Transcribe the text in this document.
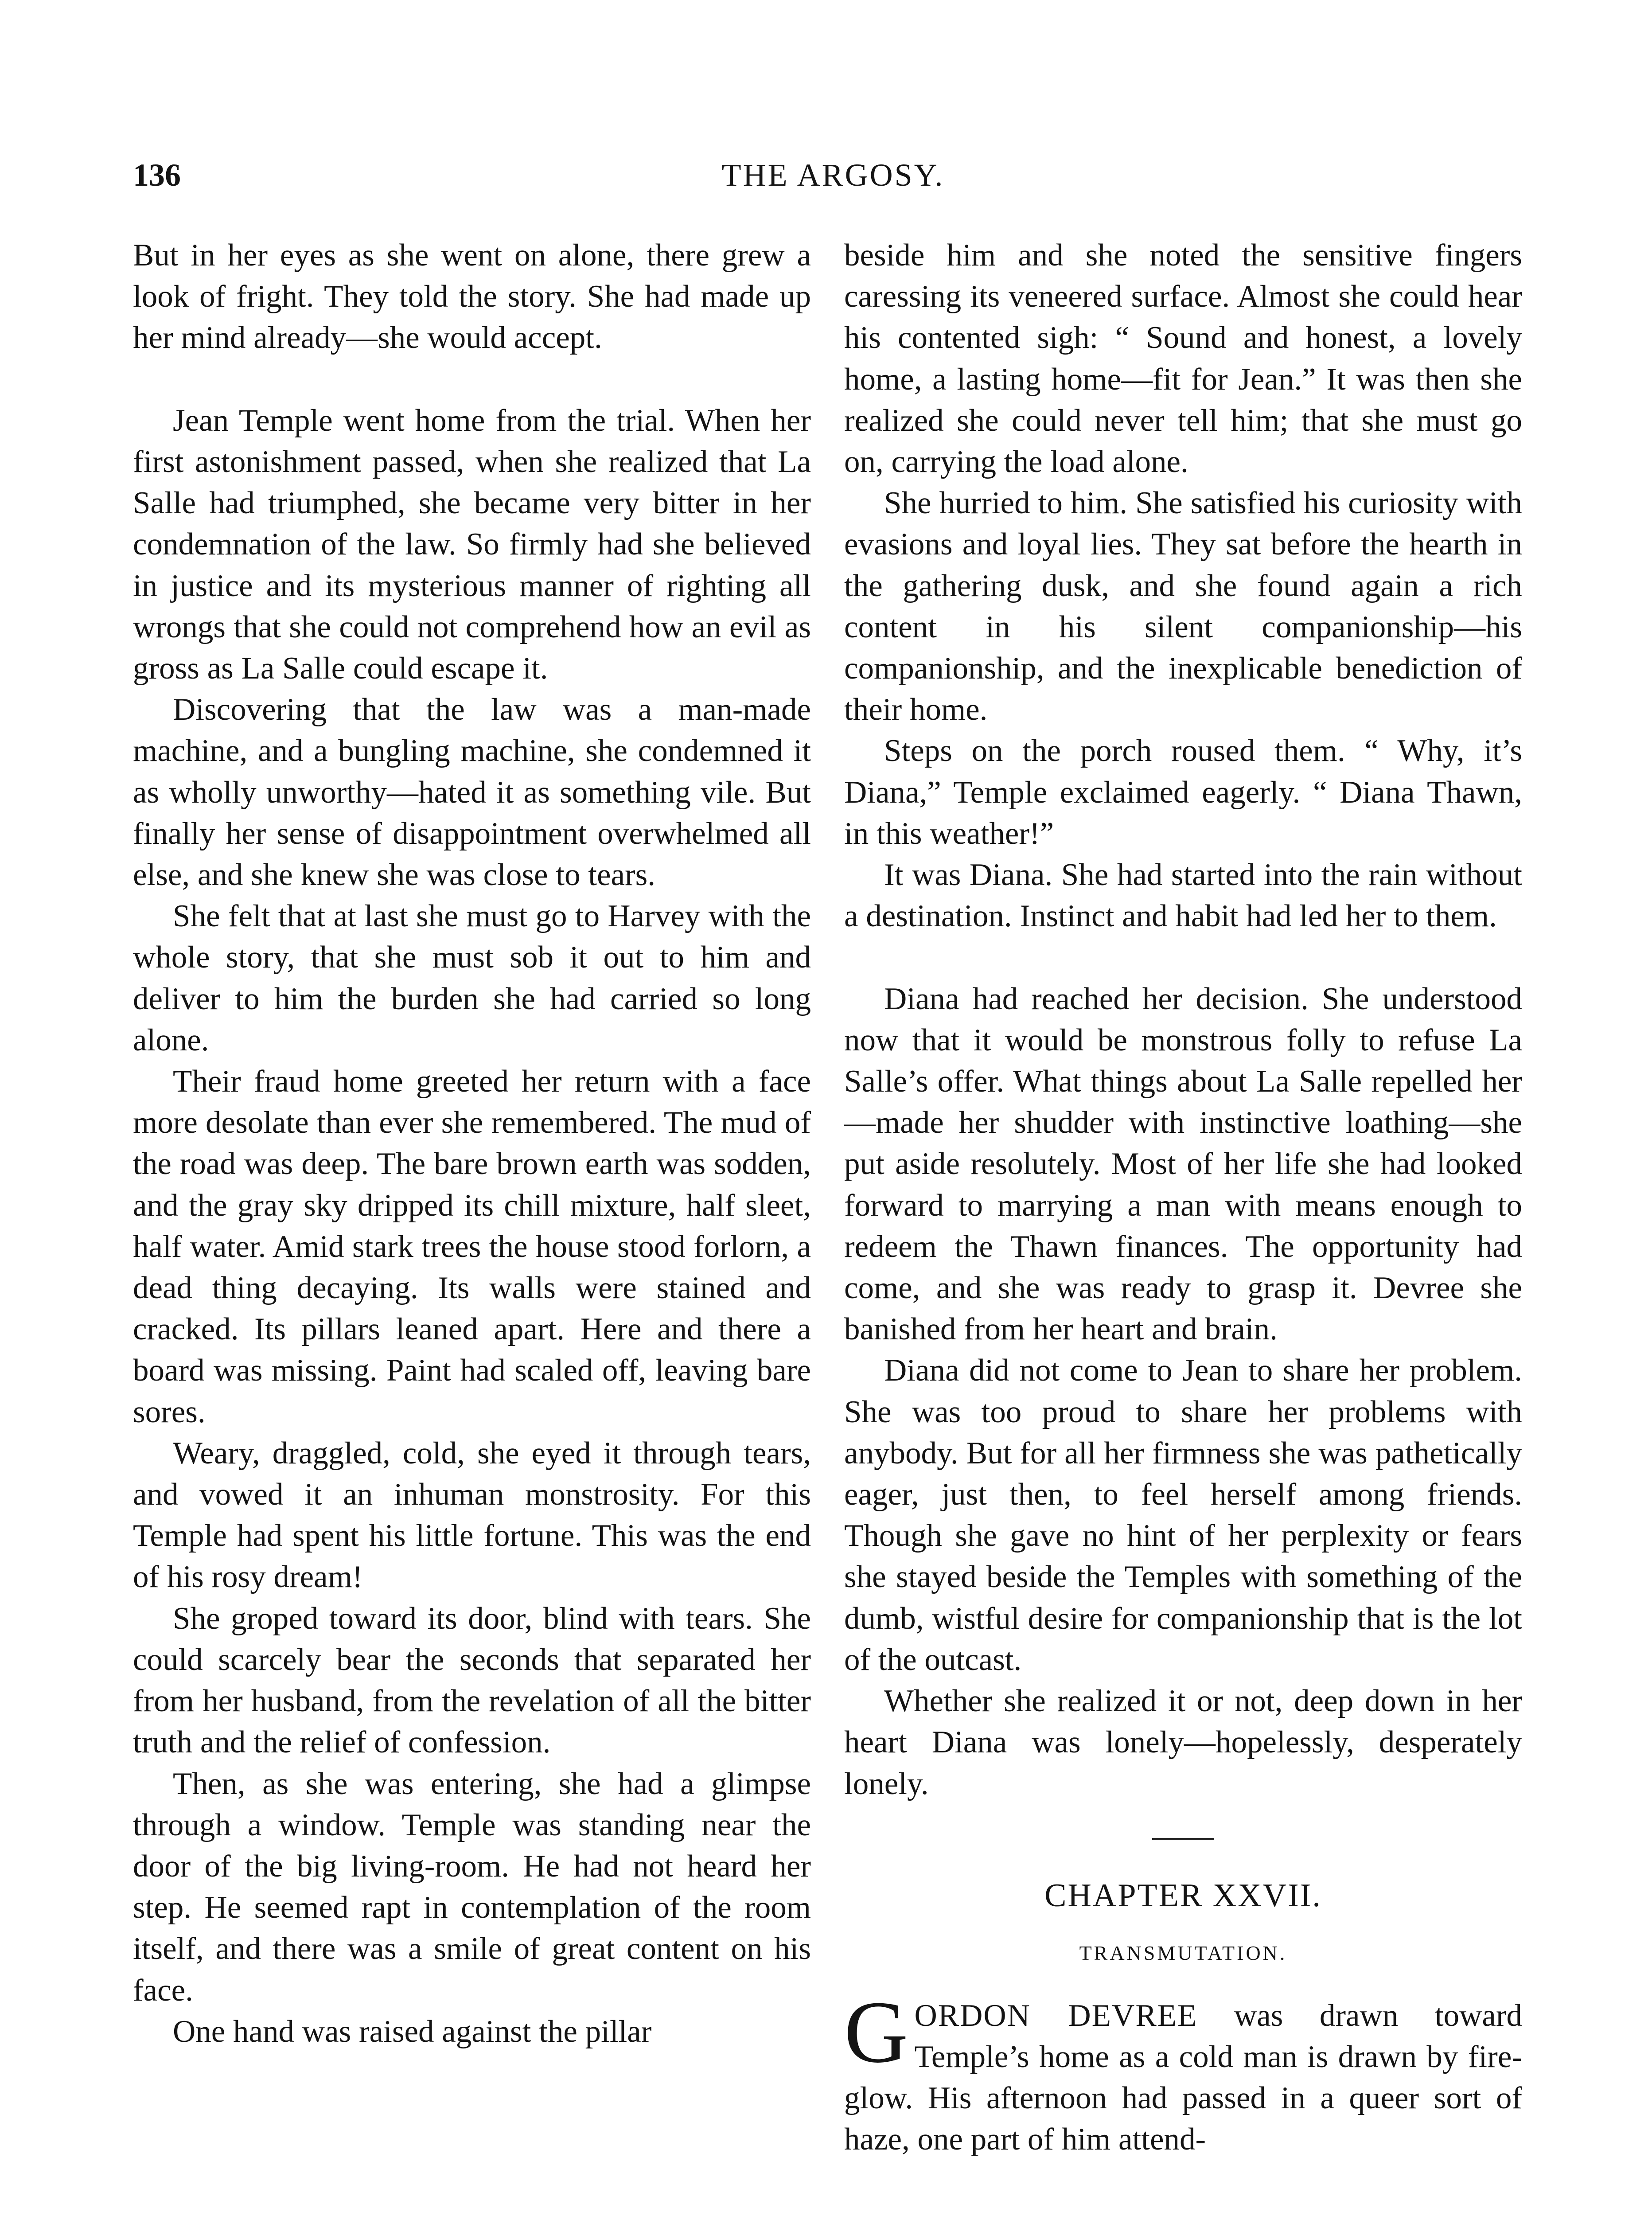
136	THE ARGOSY.

But in her eyes as she went on alone, there grew a look of fright. They told the story. She had made up her mind already—she would accept.

Jean Temple went home from the trial. When her first astonishment passed, when she realized that La Salle had triumphed, she became very bitter in her condemnation of the law. So firmly had she believed in justice and its mysterious manner of righting all wrongs that she could not comprehend how an evil as gross as La Salle could escape it.

Discovering that the law was a man-made machine, and a bungling machine, she condemned it as wholly unworthy—hated it as something vile. But finally her sense of disappointment overwhelmed all else, and she knew she was close to tears.

She felt that at last she must go to Harvey with the whole story, that she must sob it out to him and deliver to him the burden she had carried so long alone.

Their fraud home greeted her return with a face more desolate than ever she remembered. The mud of the road was deep. The bare brown earth was sodden, and the gray sky dripped its chill mixture, half sleet, half water. Amid stark trees the house stood forlorn, a dead thing decaying. Its walls were stained and cracked. Its pillars leaned apart. Here and there a board was missing. Paint had scaled off, leaving bare sores.

Weary, draggled, cold, she eyed it through tears, and vowed it an inhuman monstrosity. For this Temple had spent his little fortune. This was the end of his rosy dream!

She groped toward its door, blind with tears. She could scarcely bear the seconds that separated her from her husband, from the revelation of all the bitter truth and the relief of confession.

Then, as she was entering, she had a glimpse through a window. Temple was standing near the door of the big living-room. He had not heard her step. He seemed rapt in contemplation of the room itself, and there was a smile of great content on his face.

One hand was raised against the pillar

beside him and she noted the sensitive fingers caressing its veneered surface. Almost she could hear his contented sigh: “ Sound and honest, a lovely home, a lasting home—fit for Jean.” It was then she realized she could never tell him; that she must go on, carrying the load alone.

She hurried to him. She satisfied his curiosity with evasions and loyal lies. They sat before the hearth in the gathering dusk, and she found again a rich content in his silent companionship—his companionship, and the inexplicable benediction of their home.

Steps on the porch roused them. “ Why, it’s Diana,” Temple exclaimed eagerly. “ Diana Thawn, in this weather!”

It was Diana. She had started into the rain without a destination. Instinct and habit had led her to them.

Diana had reached her decision. She understood now that it would be monstrous folly to refuse La Salle’s offer. What things about La Salle repelled her—made her shudder with instinctive loathing—she put aside resolutely. Most of her life she had looked forward to marrying a man with means enough to redeem the Thawn finances. The opportunity had come, and she was ready to grasp it. Devree she banished from her heart and brain.

Diana did not come to Jean to share her problem. She was too proud to share her problems with anybody. But for all her firmness she was pathetically eager, just then, to feel herself among friends. Though she gave no hint of her perplexity or fears she stayed beside the Temples with something of the dumb, wistful desire for companionship that is the lot of the outcast.

Whether she realized it or not, deep down in her heart Diana was lonely—hopelessly, desperately lonely.

CHAPTER XXVII.
TRANSMUTATION.

GORDON DEVREE was drawn toward Temple’s home as a cold man is drawn by fire-glow. His afternoon had passed in a queer sort of haze, one part of him attend-
